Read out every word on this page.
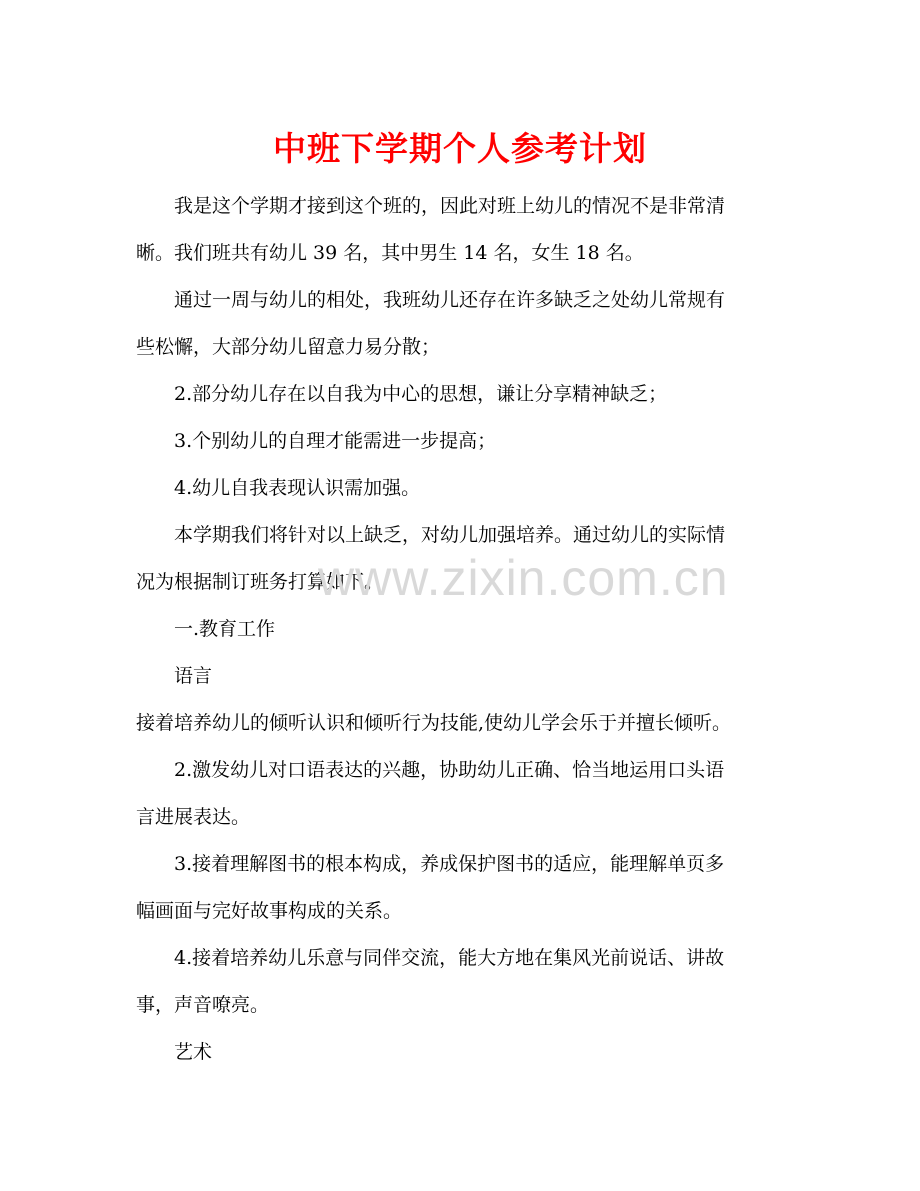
中班下学期个人参考计划

我是这个学期才接到这个班的，因此对班上幼儿的情况不是非常清

晰。我们班共有幼儿 39 名，其中男生 14 名，女生 18 名。

通过一周与幼儿的相处，我班幼儿还存在许多缺乏之处幼儿常规有

些松懈，大部分幼儿留意力易分散；

2.部分幼儿存在以自我为中心的思想，谦让分享精神缺乏；

3.个别幼儿的自理才能需进一步提高；

4.幼儿自我表现认识需加强。

本学期我们将针对以上缺乏，对幼儿加强培养。通过幼儿的实际情

况为根据制订班务打算如下。

一.教育工作

语言

接着培养幼儿的倾听认识和倾听行为技能,使幼儿学会乐于并擅长倾听。

2.激发幼儿对口语表达的兴趣，协助幼儿正确、恰当地运用口头语

言进展表达。

3.接着理解图书的根本构成，养成保护图书的适应，能理解单页多

幅画面与完好故事构成的关系。

4.接着培养幼儿乐意与同伴交流，能大方地在集风光前说话、讲故

事，声音嘹亮。

艺术

www.zixin.com.cn
